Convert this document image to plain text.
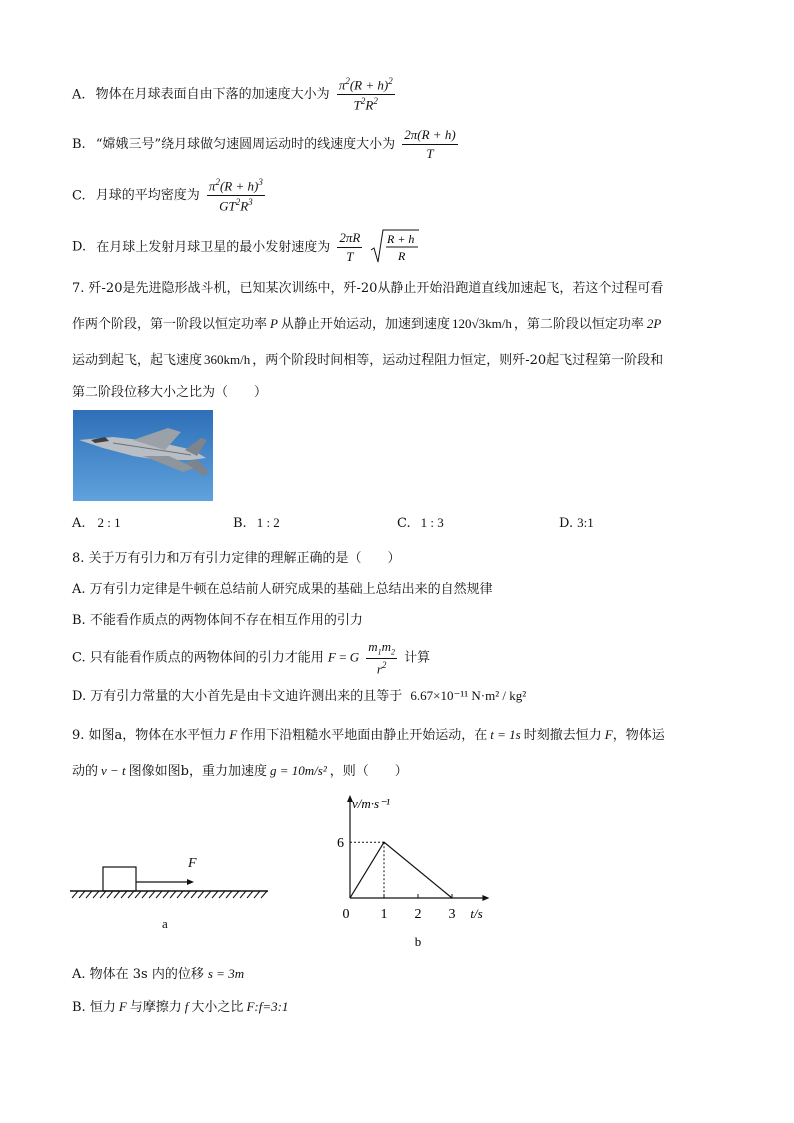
A. 物体在月球表面自由下落的加速度大小为 $\frac{\pi^2(R + h)^2}{T^2R^2}$
B. “嫦娥三号”绕月球做匀速圆周运动时的线速度大小为 $\frac{2\pi(R + h)}{T}$
C. 月球的平均密度为 $\frac{\pi^2(R + h)^3}{GT^2R^3}$
D. 在月球上发射月球卫星的最小发射速度为 $\frac{2\pi R}{T}$
R + h
R
7. 歼-20是先进隐形战斗机，已知某次训练中，歼-20从静止开始沿跑道直线加速起飞，若这个过程可看
作两个阶段，第一阶段以恒定功率 P 从静止开始运动，加速到速度 120√3km/h ，第二阶段以恒定功率 2P
运动到起飞，起飞速度 360km/h ，两个阶段时间相等，运动过程阻力恒定，则歼-20起飞过程第一阶段和
第二阶段位移大小之比为（　　）
A. 2 : 1	B. 1 : 2	C. 1 : 3	D. 3:1
8. 关于万有引力和万有引力定律的理解正确的是（　　）
A. 万有引力定律是牛顿在总结前人研究成果的基础上总结出来的自然规律
B. 不能看作质点的两物体间不存在相互作用的引力
C. 只有能看作质点的两物体间的引力才能用 F = G $\frac{m_1m_2}{r^2}$ 计算
D. 万有引力常量的大小首先是由卡文迪许测出来的且等于 6.67×10⁻¹¹ N·m² / kg²
9. 如图a，物体在水平恒力 F 作用下沿粗糙水平地面由静止开始运动，在 t = 1s 时刻撤去恒力 F，物体运
动的 v − t 图像如图b，重力加速度 g = 10m/s² ，则（　　）
F
a
0 1 2 3
6
v/m·s⁻¹
t/s
b
A. 物体在 3s 内的位移 s = 3m
B. 恒力 F 与摩擦力 f 大小之比 F:f=3:1
